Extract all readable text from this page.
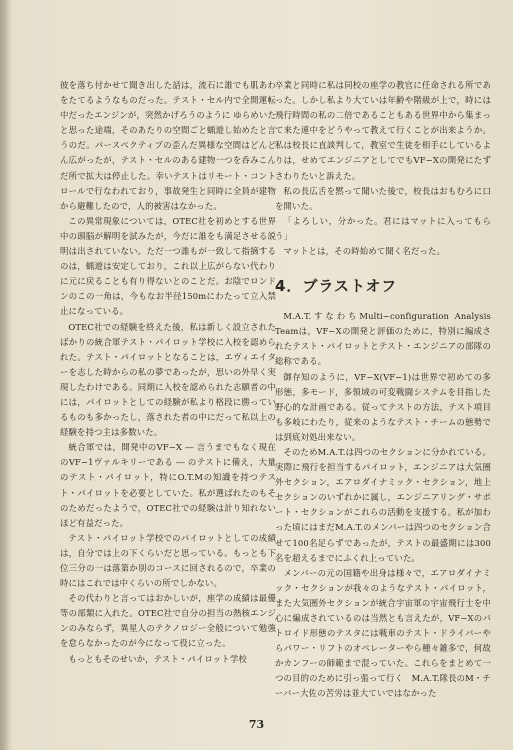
彼を落ち付かせて聞き出した話は，流石に誰でも肌あわをたてるようなものだった。テスト・セル内で全開運転中だったエンジンが，突然かげろうのように ゆらめいたと思った途端，そのあたりの空間ごと蝋遊し始めたと言うのだ。パースペクティブの歪んだ異様な空間はどんどん広がったが，テスト・セルのある建物一つを呑みこんだ所で拡大は停止した。幸いテストはリモート・コントロールで行なわれており，事故発生と同時に全員が建物から避難したので，人的被害はなかった。

この異常現象については，OTEC社を初めとする世界中の頭脳が解明を試みたが，今だに誰をも満足させる説明は出されていない。ただ一つ誰もが一致して指摘するのは，蝋遊は安定しており，これ以上広がらない代わりに元に戻ることも有り得ないとのことだ。お陰でロンドンのこの一角は，今もなお半径150mにわたって立入禁止になっている。

OTEC社での経験を終えた後，私は新しく設立されたばかりの統合軍テスト・パイロット学校に入校を認められた。テスト・パイロットとなることは，エヴィエイターを志した時からの私の夢であったが，思いの外早く実現したわけである。同期に入校を認められた志願者の中には，パイロットとしての経験が私より格段に勝っているものも多かったし，落された者の中にだって私以上の経験を持つ主は多数いた。

統合軍では，開発中のVF−X ― 言うまでもなく現在のVF−1ヴァルキリーである ― のテストに備え，大量のテスト・パイロット，特にO.T.Mの知識を持つテスト・パイロットを必要としていた。私が選ばれたのもそのためだったようで，OTEC社での経験は計り知れないほど有益だった。

テスト・パイロット学校でのパイロットとしての成績は，自分では上の下くらいだと思っている。もっとも下位三分の一は落第か別のコースに回されるので，卒業の時にはこれでは中くらいの所でしかない。

その代わりと言ってはおかしいが，座学の成績は最優等の部類に入れた。OTEC社で自分の担当の熱核エンジンのみならず，異星人のテクノロジー全般について勉強を怠らなかったのが今になって役に立った。

もっともそのせいか，テスト・パイロット学校

卒業と同時に私は同校の座学の教官に任命される所であった。しかし私より大ていは年齢や階級が上で，時には飛行時間の私の二倍であることもある世界中から集まって来た連中をどうやって教えて行くことが出来ようか。私は校長に直談判して，教室で生徒を相手にしているよりは，せめてエンジニアとしてでもVF−Xの開発にたずさわりたいと訴えた。

私の長広舌を黙って聞いた後で，校長はおもむろに口を開いた。

「よろしい，分かった。君にはマットに入ってもらう」

マットとは，その時始めて聞く名だった。

4．ブラストオフ

M.A.T.すなわちMulti−configuration Analysis Teamは，VF−Xの開発と評価のために，特別に編成されたテスト・パイロットとテスト・エンジニアの部隊の総称である。

御存知のように，VF−X(VF−1)は世界で初めての多形態，多モード，多領域の可変戦闘システムを目指した野心的な計画である。従ってテストの方法，テスト項目も多岐にわたり，従来のようなテスト・チームの態勢では到底対処出来ない。

そのためM.A.T.は四つのセクションに分かれている。実際に飛行を担当するパイロット，エンジニアは大気圏外セクション，エアロダイナミック・セクション，地上セクションのいずれかに属し，エンジニアリング・サポート・セクションがこれらの活動を支援する。私が加わった頃にはまだM.A.T.のメンバーは四つのセクション合せて100名足らずであったが，テストの最盛期には300名を超えるまでにふくれ上っていた。

メンバーの元の国籍や出身は様々で，エアロダイナミック・セクションが我々のようなテスト・パイロット，また大気圏外セクションが統合宇宙軍の宇宙飛行士を中心に編成されているのは当然とも言えたが，VF−Xのバトロイド形態のテスタには戦車のテスト・ドライバーやらパワー・リフトのオペレーターやら種々雑多で，何故かカンフーの師範まで混っていた。これらをまとめて一つの目的のために引っ張って行く　M.A.T.隊長のM・チーバー大佐の苦労は並大ていではなかった

73
